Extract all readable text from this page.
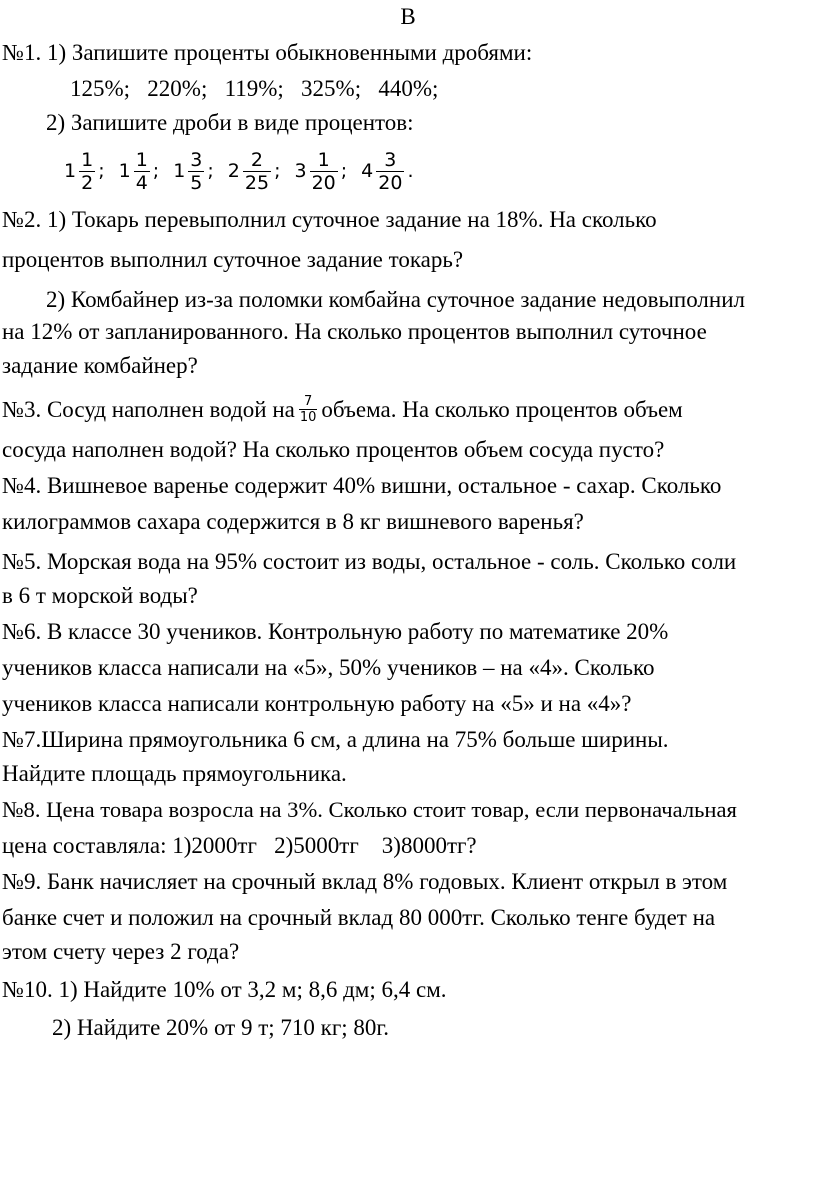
В
№1. 1) Запишите проценты обыкновенными дробями:
125%;   220%;   119%;   325%;   440%;
2) Запишите дроби в виде процентов:
$1 \frac{1}{2}$ ; $1 \frac{1}{4}$ ; $1 \frac{3}{5}$ ; $2 \frac{2}{25}$ ; $3 \frac{1}{20}$ ; $4 \frac{3}{20}$ .
№2. 1) Токарь перевыполнил суточное задание на 18%. На сколько
процентов выполнил суточное задание токарь?
2) Комбайнер из-за поломки комбайна суточное задание недовыполнил
на 12% от запланированного. На сколько процентов выполнил суточное
задание комбайнер?
№3. Сосуд наполнен водой на $\frac{7}{10}$ объема. На сколько процентов объем
сосуда наполнен водой? На сколько процентов объем сосуда пусто?
№4. Вишневое варенье содержит 40% вишни, остальное - сахар. Сколько
килограммов сахара содержится в 8 кг вишневого варенья?
№5. Морская вода на 95% состоит из воды, остальное - соль. Сколько соли
в 6 т морской воды?
№6. В классе 30 учеников. Контрольную работу по математике 20%
учеников класса написали на «5», 50% учеников – на «4». Сколько
учеников класса написали контрольную работу на «5» и на «4»?
№7.Ширина прямоугольника 6 см, а длина на 75% больше ширины.
Найдите площадь прямоугольника.
№8. Цена товара возросла на 3%. Сколько стоит товар, если первоначальная
цена составляла: 1)2000тг   2)5000тг    3)8000тг?
№9. Банк начисляет на срочный вклад 8% годовых. Клиент открыл в этом
банке счет и положил на срочный вклад 80 000тг. Сколько тенге будет на
этом счету через 2 года?
№10. 1) Найдите 10% от 3,2 м; 8,6 дм; 6,4 см.
2) Найдите 20% от 9 т; 710 кг; 80г.
